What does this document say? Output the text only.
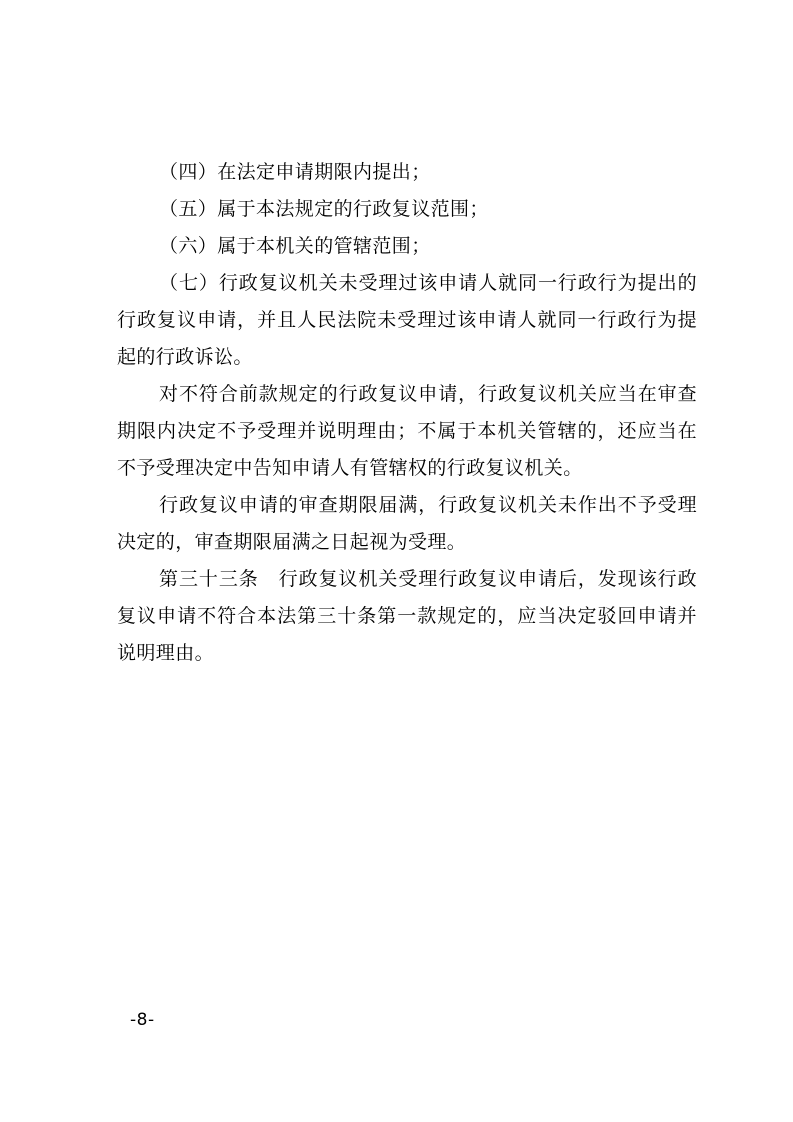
（四）在法定申请期限内提出；

（五）属于本法规定的行政复议范围；

（六）属于本机关的管辖范围；

（七）行政复议机关未受理过该申请人就同一行政行为提出的行政复议申请，并且人民法院未受理过该申请人就同一行政行为提起的行政诉讼。

对不符合前款规定的行政复议申请，行政复议机关应当在审查期限内决定不予受理并说明理由；不属于本机关管辖的，还应当在不予受理决定中告知申请人有管辖权的行政复议机关。

行政复议申请的审查期限届满，行政复议机关未作出不予受理决定的，审查期限届满之日起视为受理。

第三十三条　行政复议机关受理行政复议申请后，发现该行政复议申请不符合本法第三十条第一款规定的，应当决定驳回申请并说明理由。

-8-
